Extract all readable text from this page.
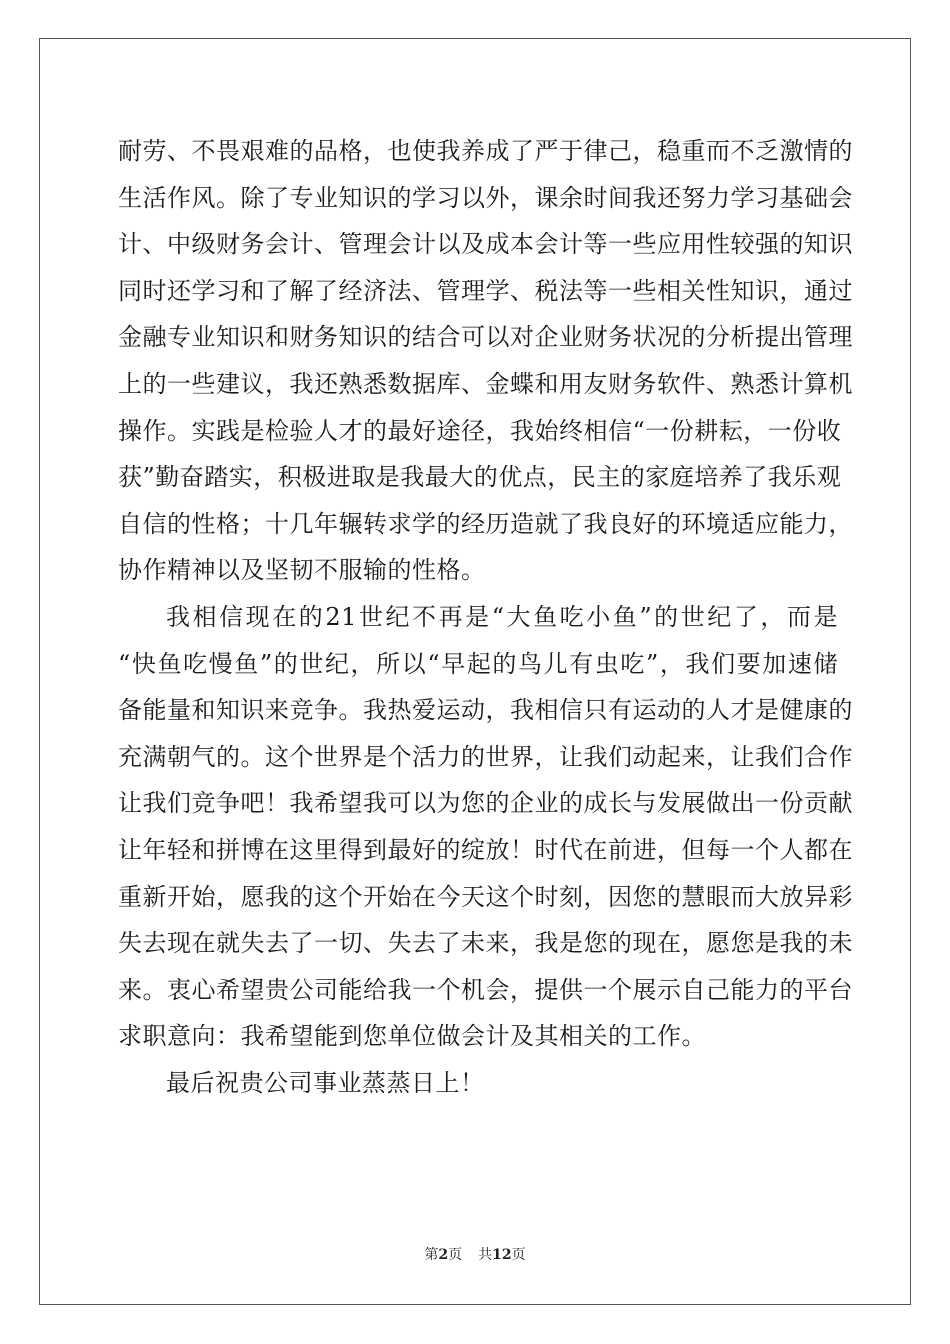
耐劳、不畏艰难的品格，也使我养成了严于律己，稳重而不乏激情的
生活作风。除了专业知识的学习以外，课余时间我还努力学习基础会
计、中级财务会计、管理会计以及成本会计等一些应用性较强的知识
同时还学习和了解了经济法、管理学、税法等一些相关性知识，通过
金融专业知识和财务知识的结合可以对企业财务状况的分析提出管理
上的一些建议，我还熟悉数据库、金蝶和用友财务软件、熟悉计算机
操作。实践是检验人才的最好途径，我始终相信“一份耕耘，一份收
获”勤奋踏实，积极进取是我最大的优点，民主的家庭培养了我乐观
自信的性格；十几年辗转求学的经历造就了我良好的环境适应能力，
协作精神以及坚韧不服输的性格。
我相信现在的21世纪不再是“大鱼吃小鱼”的世纪了，而是
“快鱼吃慢鱼”的世纪，所以“早起的鸟儿有虫吃”，我们要加速储
备能量和知识来竞争。我热爱运动，我相信只有运动的人才是健康的
充满朝气的。这个世界是个活力的世界，让我们动起来，让我们合作
让我们竞争吧！我希望我可以为您的企业的成长与发展做出一份贡献
让年轻和拼博在这里得到最好的绽放！时代在前进，但每一个人都在
重新开始，愿我的这个开始在今天这个时刻，因您的慧眼而大放异彩
失去现在就失去了一切、失去了未来，我是您的现在，愿您是我的未
来。衷心希望贵公司能给我一个机会，提供一个展示自己能力的平台
求职意向：我希望能到您单位做会计及其相关的工作。
最后祝贵公司事业蒸蒸日上！
第2页 共12页
